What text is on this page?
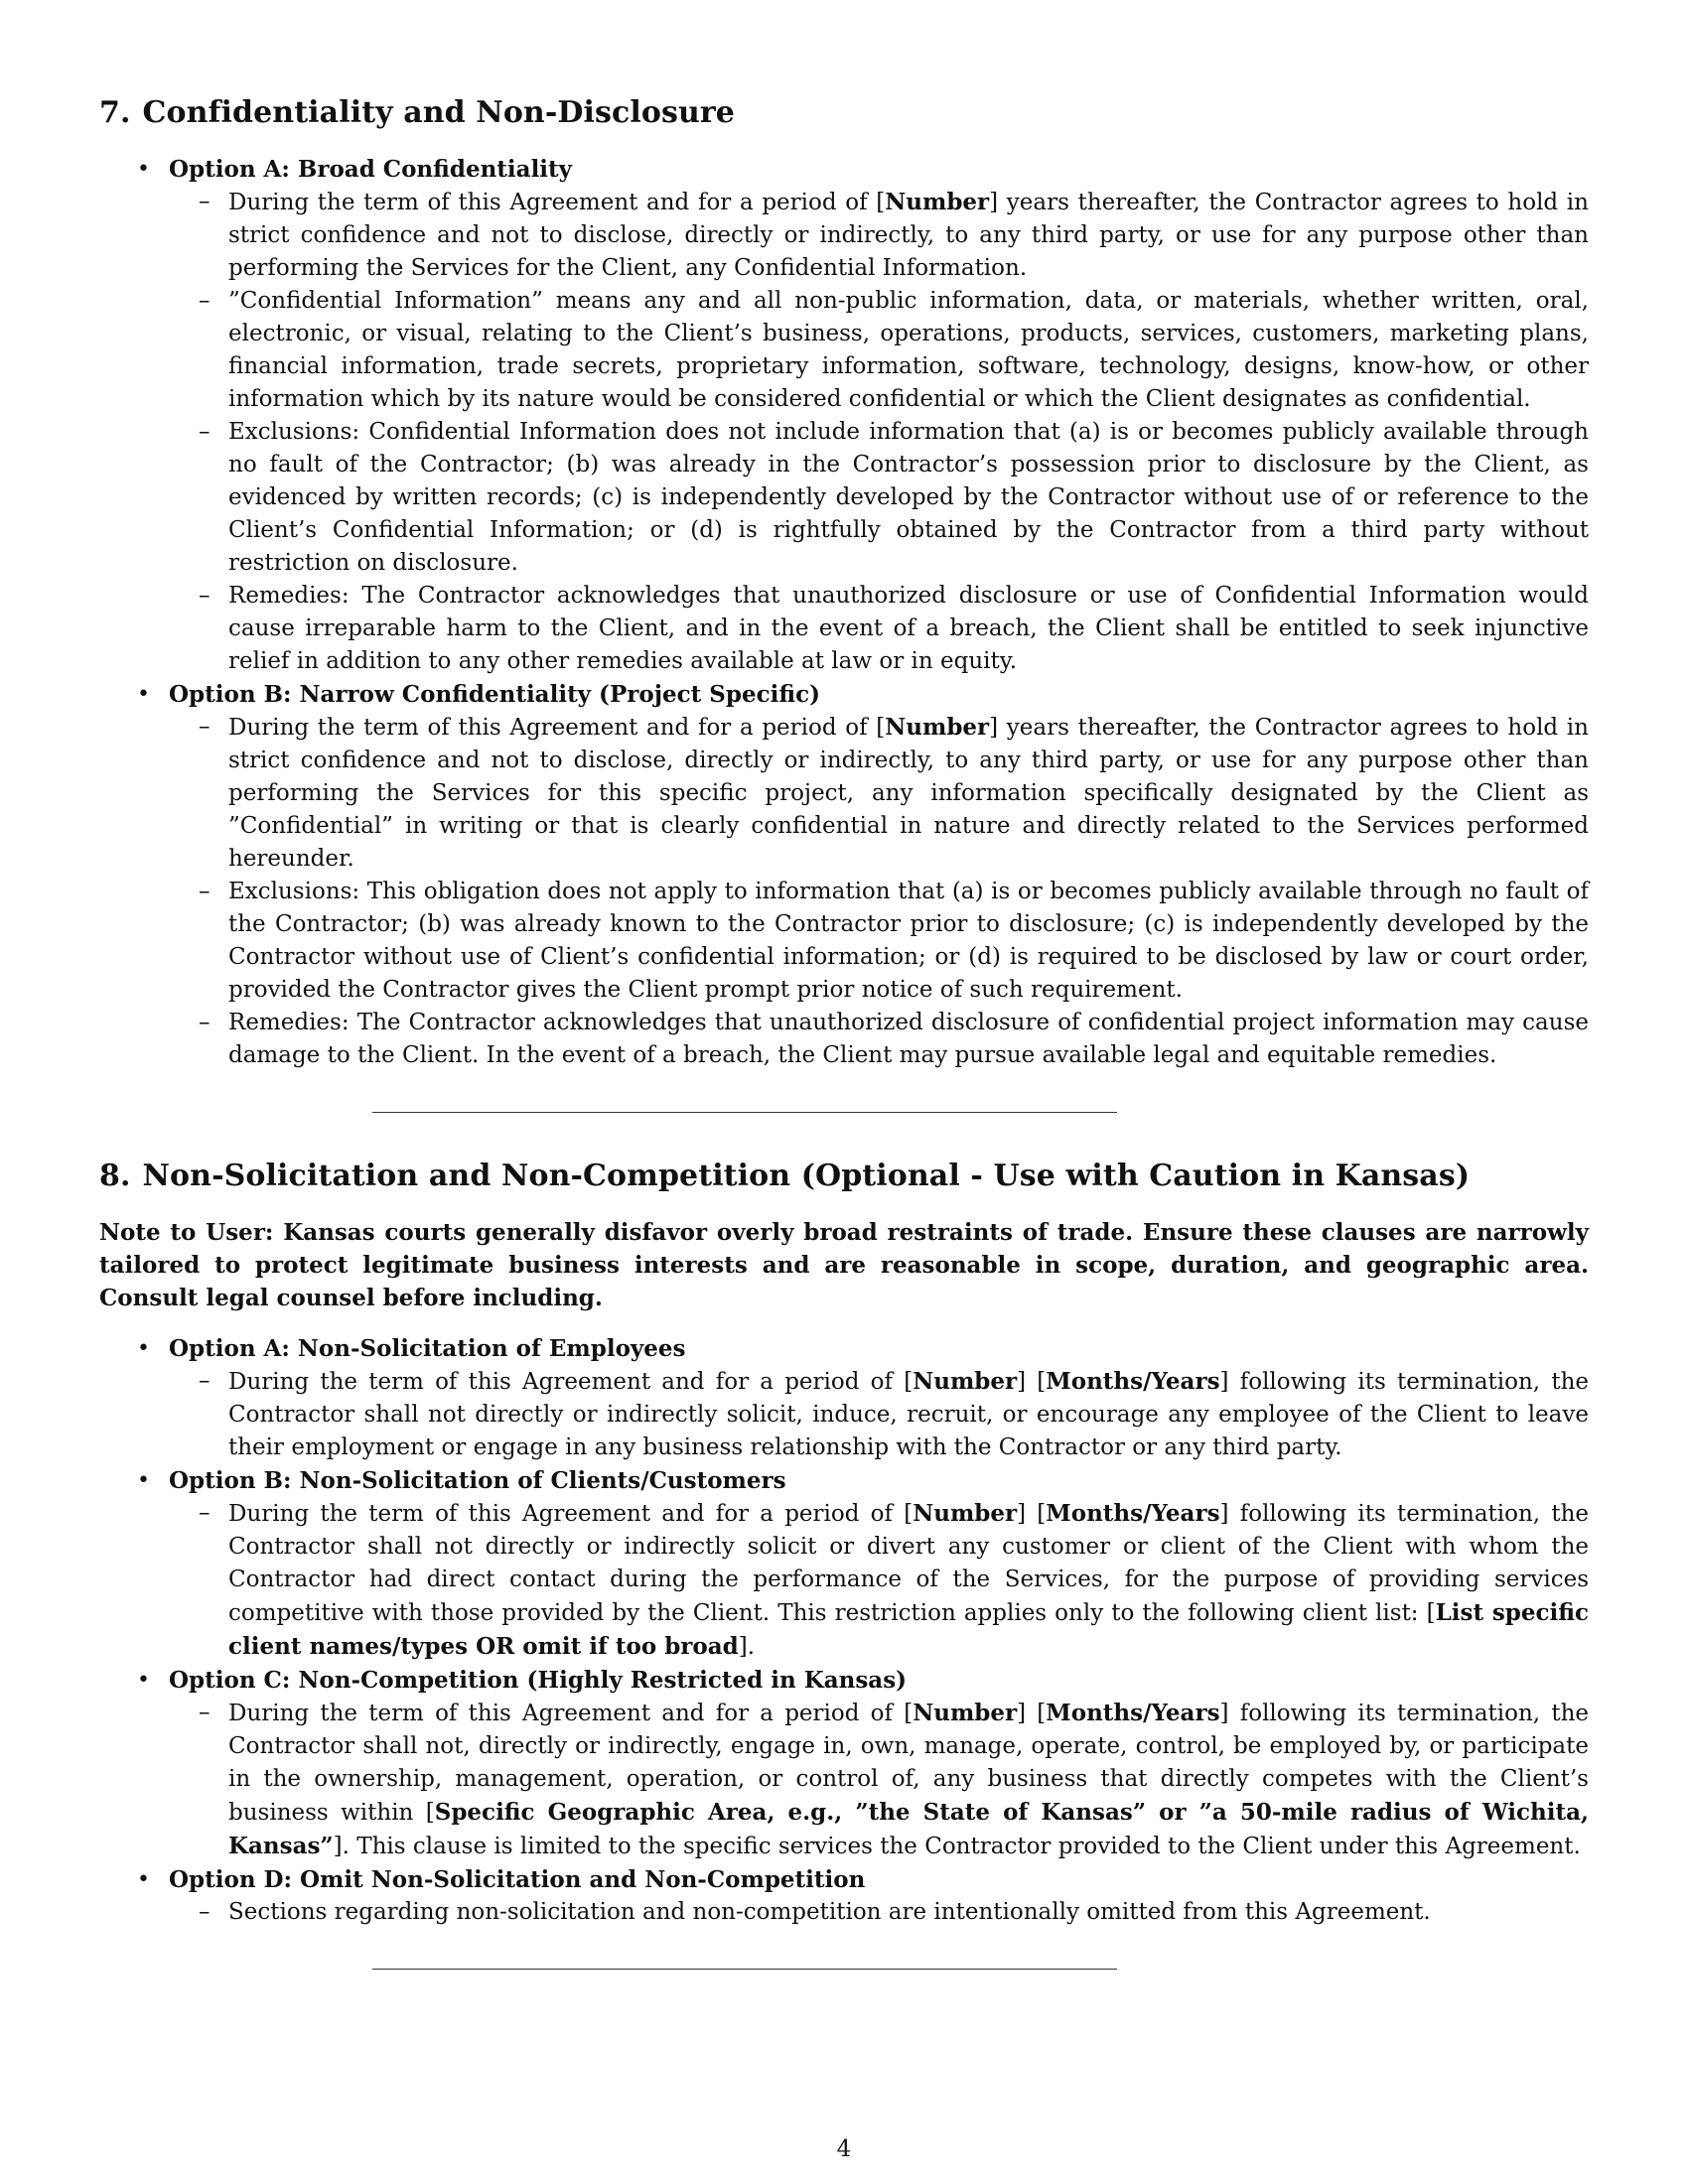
7. Confidentiality and Non-Disclosure
• Option A: Broad Confidentiality
– During the term of this Agreement and for a period of [Number] years thereafter, the Contractor agrees to hold in strict confidence and not to disclose, directly or indirectly, to any third party, or use for any purpose other than performing the Services for the Client, any Confidential Information.
– ”Confidential Information” means any and all non-public information, data, or materials, whether written, oral, electronic, or visual, relating to the Client’s business, operations, products, services, customers, marketing plans, financial information, trade secrets, proprietary information, software, technology, designs, know-how, or other information which by its nature would be considered confidential or which the Client designates as confidential.
– Exclusions: Confidential Information does not include information that (a) is or becomes publicly available through no fault of the Contractor; (b) was already in the Contractor’s possession prior to disclosure by the Client, as evidenced by written records; (c) is independently developed by the Contractor without use of or reference to the Client’s Confidential Information; or (d) is rightfully obtained by the Contractor from a third party without restriction on disclosure.
– Remedies: The Contractor acknowledges that unauthorized disclosure or use of Confidential Information would cause irreparable harm to the Client, and in the event of a breach, the Client shall be entitled to seek injunctive relief in addition to any other remedies available at law or in equity.
• Option B: Narrow Confidentiality (Project Specific)
– During the term of this Agreement and for a period of [Number] years thereafter, the Contractor agrees to hold in strict confidence and not to disclose, directly or indirectly, to any third party, or use for any purpose other than performing the Services for this specific project, any information specifically designated by the Client as ”Confidential” in writing or that is clearly confidential in nature and directly related to the Services performed hereunder.
– Exclusions: This obligation does not apply to information that (a) is or becomes publicly available through no fault of the Contractor; (b) was already known to the Contractor prior to disclosure; (c) is independently developed by the Contractor without use of Client’s confidential information; or (d) is required to be disclosed by law or court order, provided the Contractor gives the Client prompt prior notice of such requirement.
– Remedies: The Contractor acknowledges that unauthorized disclosure of confidential project information may cause damage to the Client. In the event of a breach, the Client may pursue available legal and equitable remedies.
8. Non-Solicitation and Non-Competition (Optional - Use with Caution in Kansas)

Note to User: Kansas courts generally disfavor overly broad restraints of trade. Ensure these clauses are narrowly tailored to protect legitimate business interests and are reasonable in scope, duration, and geographic area. Consult legal counsel before including.

• Option A: Non-Solicitation of Employees
– During the term of this Agreement and for a period of [Number] [Months/Years] following its termination, the Contractor shall not directly or indirectly solicit, induce, recruit, or encourage any employee of the Client to leave their employment or engage in any business relationship with the Contractor or any third party.
• Option B: Non-Solicitation of Clients/Customers
– During the term of this Agreement and for a period of [Number] [Months/Years] following its termination, the Contractor shall not directly or indirectly solicit or divert any customer or client of the Client with whom the Contractor had direct contact during the performance of the Services, for the purpose of providing services competitive with those provided by the Client. This restriction applies only to the following client list: [List specific client names/types OR omit if too broad].
• Option C: Non-Competition (Highly Restricted in Kansas)
– During the term of this Agreement and for a period of [Number] [Months/Years] following its termination, the Contractor shall not, directly or indirectly, engage in, own, manage, operate, control, be employed by, or participate in the ownership, management, operation, or control of, any business that directly competes with the Client’s business within [Specific Geographic Area, e.g., ”the State of Kansas” or ”a 50-mile radius of Wichita, Kansas”]. This clause is limited to the specific services the Contractor provided to the Client under this Agreement.
• Option D: Omit Non-Solicitation and Non-Competition
– Sections regarding non-solicitation and non-competition are intentionally omitted from this Agreement.
4
